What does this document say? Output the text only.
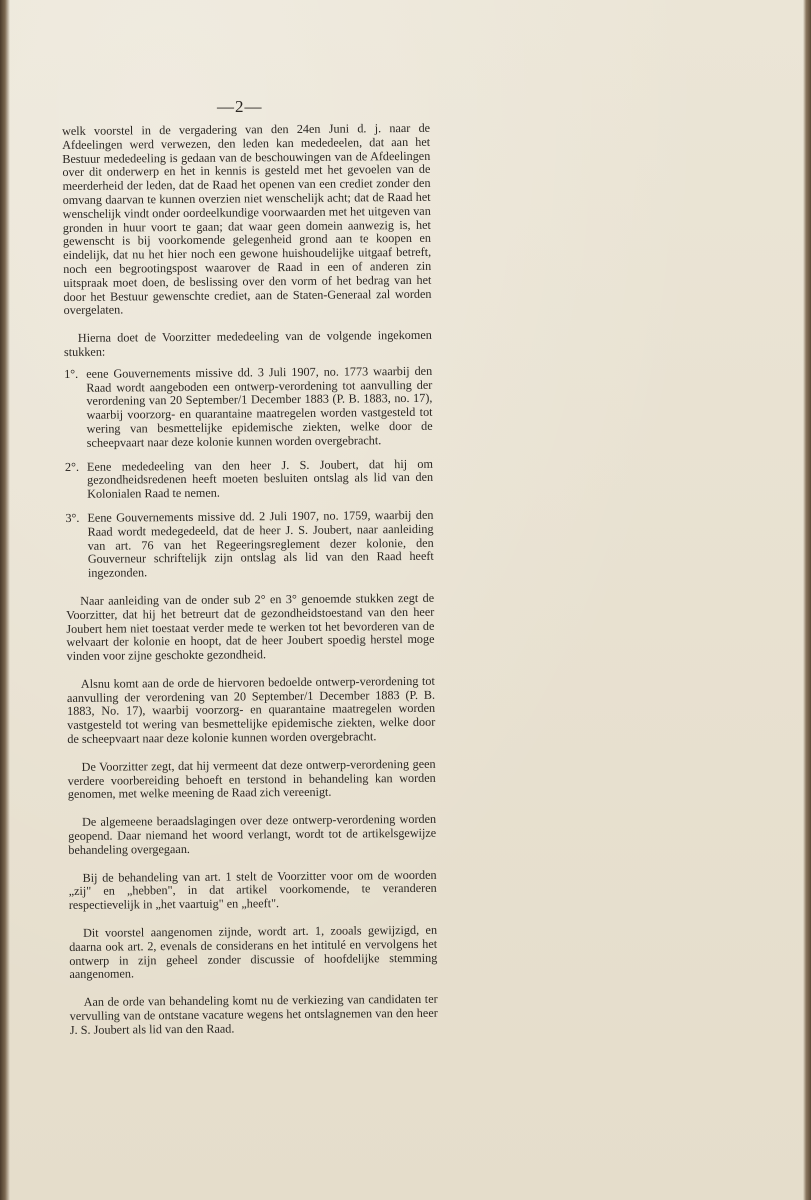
—2—

welk voorstel in de vergadering van den 24en Juni d. j. naar de Afdeelingen werd verwezen, den leden kan mededeelen, dat aan het Bestuur mededeeling is gedaan van de beschouwingen van de Afdeelingen over dit onderwerp en het in kennis is gesteld met het gevoelen van de meerderheid der leden, dat de Raad het openen van een crediet zonder den omvang daarvan te kunnen overzien niet wenschelijk acht; dat de Raad het wenschelijk vindt onder oordeelkundige voorwaarden met het uitgeven van gronden in huur voort te gaan; dat waar geen domein aanwezig is, het gewenscht is bij voorkomende gelegenheid grond aan te koopen en eindelijk, dat nu het hier noch een gewone huishoudelijke uitgaaf betreft, noch een begrootingspost waarover de Raad in een of anderen zin uitspraak moet doen, de beslissing over den vorm of het bedrag van het door het Bestuur gewenschte crediet, aan de Staten-Generaal zal worden overgelaten.

Hierna doet de Voorzitter mededeeling van de volgende ingekomen stukken:

1°. eene Gouvernements missive dd. 3 Juli 1907, no. 1773 waarbij den Raad wordt aangeboden een ontwerp-verordening tot aanvulling der verordening van 20 September/1 December 1883 (P. B. 1883, no. 17), waarbij voorzorg- en quarantaine maatregelen worden vastgesteld tot wering van besmettelijke epidemische ziekten, welke door de scheepvaart naar deze kolonie kunnen worden overgebracht.
2°. Eene mededeeling van den heer J. S. Joubert, dat hij om gezondheidsredenen heeft moeten besluiten ontslag als lid van den Kolonialen Raad te nemen.
3°. Eene Gouvernements missive dd. 2 Juli 1907, no. 1759, waarbij den Raad wordt medegedeeld, dat de heer J. S. Joubert, naar aanleiding van art. 76 van het Regeeringsreglement dezer kolonie, den Gouverneur schriftelijk zijn ontslag als lid van den Raad heeft ingezonden.

Naar aanleiding van de onder sub 2° en 3° genoemde stukken zegt de Voorzitter, dat hij het betreurt dat de gezondheidstoestand van den heer Joubert hem niet toestaat verder mede te werken tot het bevorderen van de welvaart der kolonie en hoopt, dat de heer Joubert spoedig herstel moge vinden voor zijne geschokte gezondheid.

Alsnu komt aan de orde de hiervoren bedoelde ontwerp-verordening tot aanvulling der verordening van 20 September/1 December 1883 (P. B. 1883, No. 17), waarbij voorzorg- en quarantaine maatregelen worden vastgesteld tot wering van besmettelijke epidemische ziekten, welke door de scheepvaart naar deze kolonie kunnen worden overgebracht.

De Voorzitter zegt, dat hij vermeent dat deze ontwerp-verordening geen verdere voorbereiding behoeft en terstond in behandeling kan worden genomen, met welke meening de Raad zich vereenigt.

De algemeene beraadslagingen over deze ontwerp-verordening worden geopend. Daar niemand het woord verlangt, wordt tot de artikelsgewijze behandeling overgegaan.

Bij de behandeling van art. 1 stelt de Voorzitter voor om de woorden „zij" en „hebben", in dat artikel voorkomende, te veranderen respectievelijk in „het vaartuig" en „heeft".

Dit voorstel aangenomen zijnde, wordt art. 1, zooals gewijzigd, en daarna ook art. 2, evenals de considerans en het intitulé en vervolgens het ontwerp in zijn geheel zonder discussie of hoofdelijke stemming aangenomen.

Aan de orde van behandeling komt nu de verkiezing van candidaten ter vervulling van de ontstane vacature wegens het ontslagnemen van den heer J. S. Joubert als lid van den Raad.
